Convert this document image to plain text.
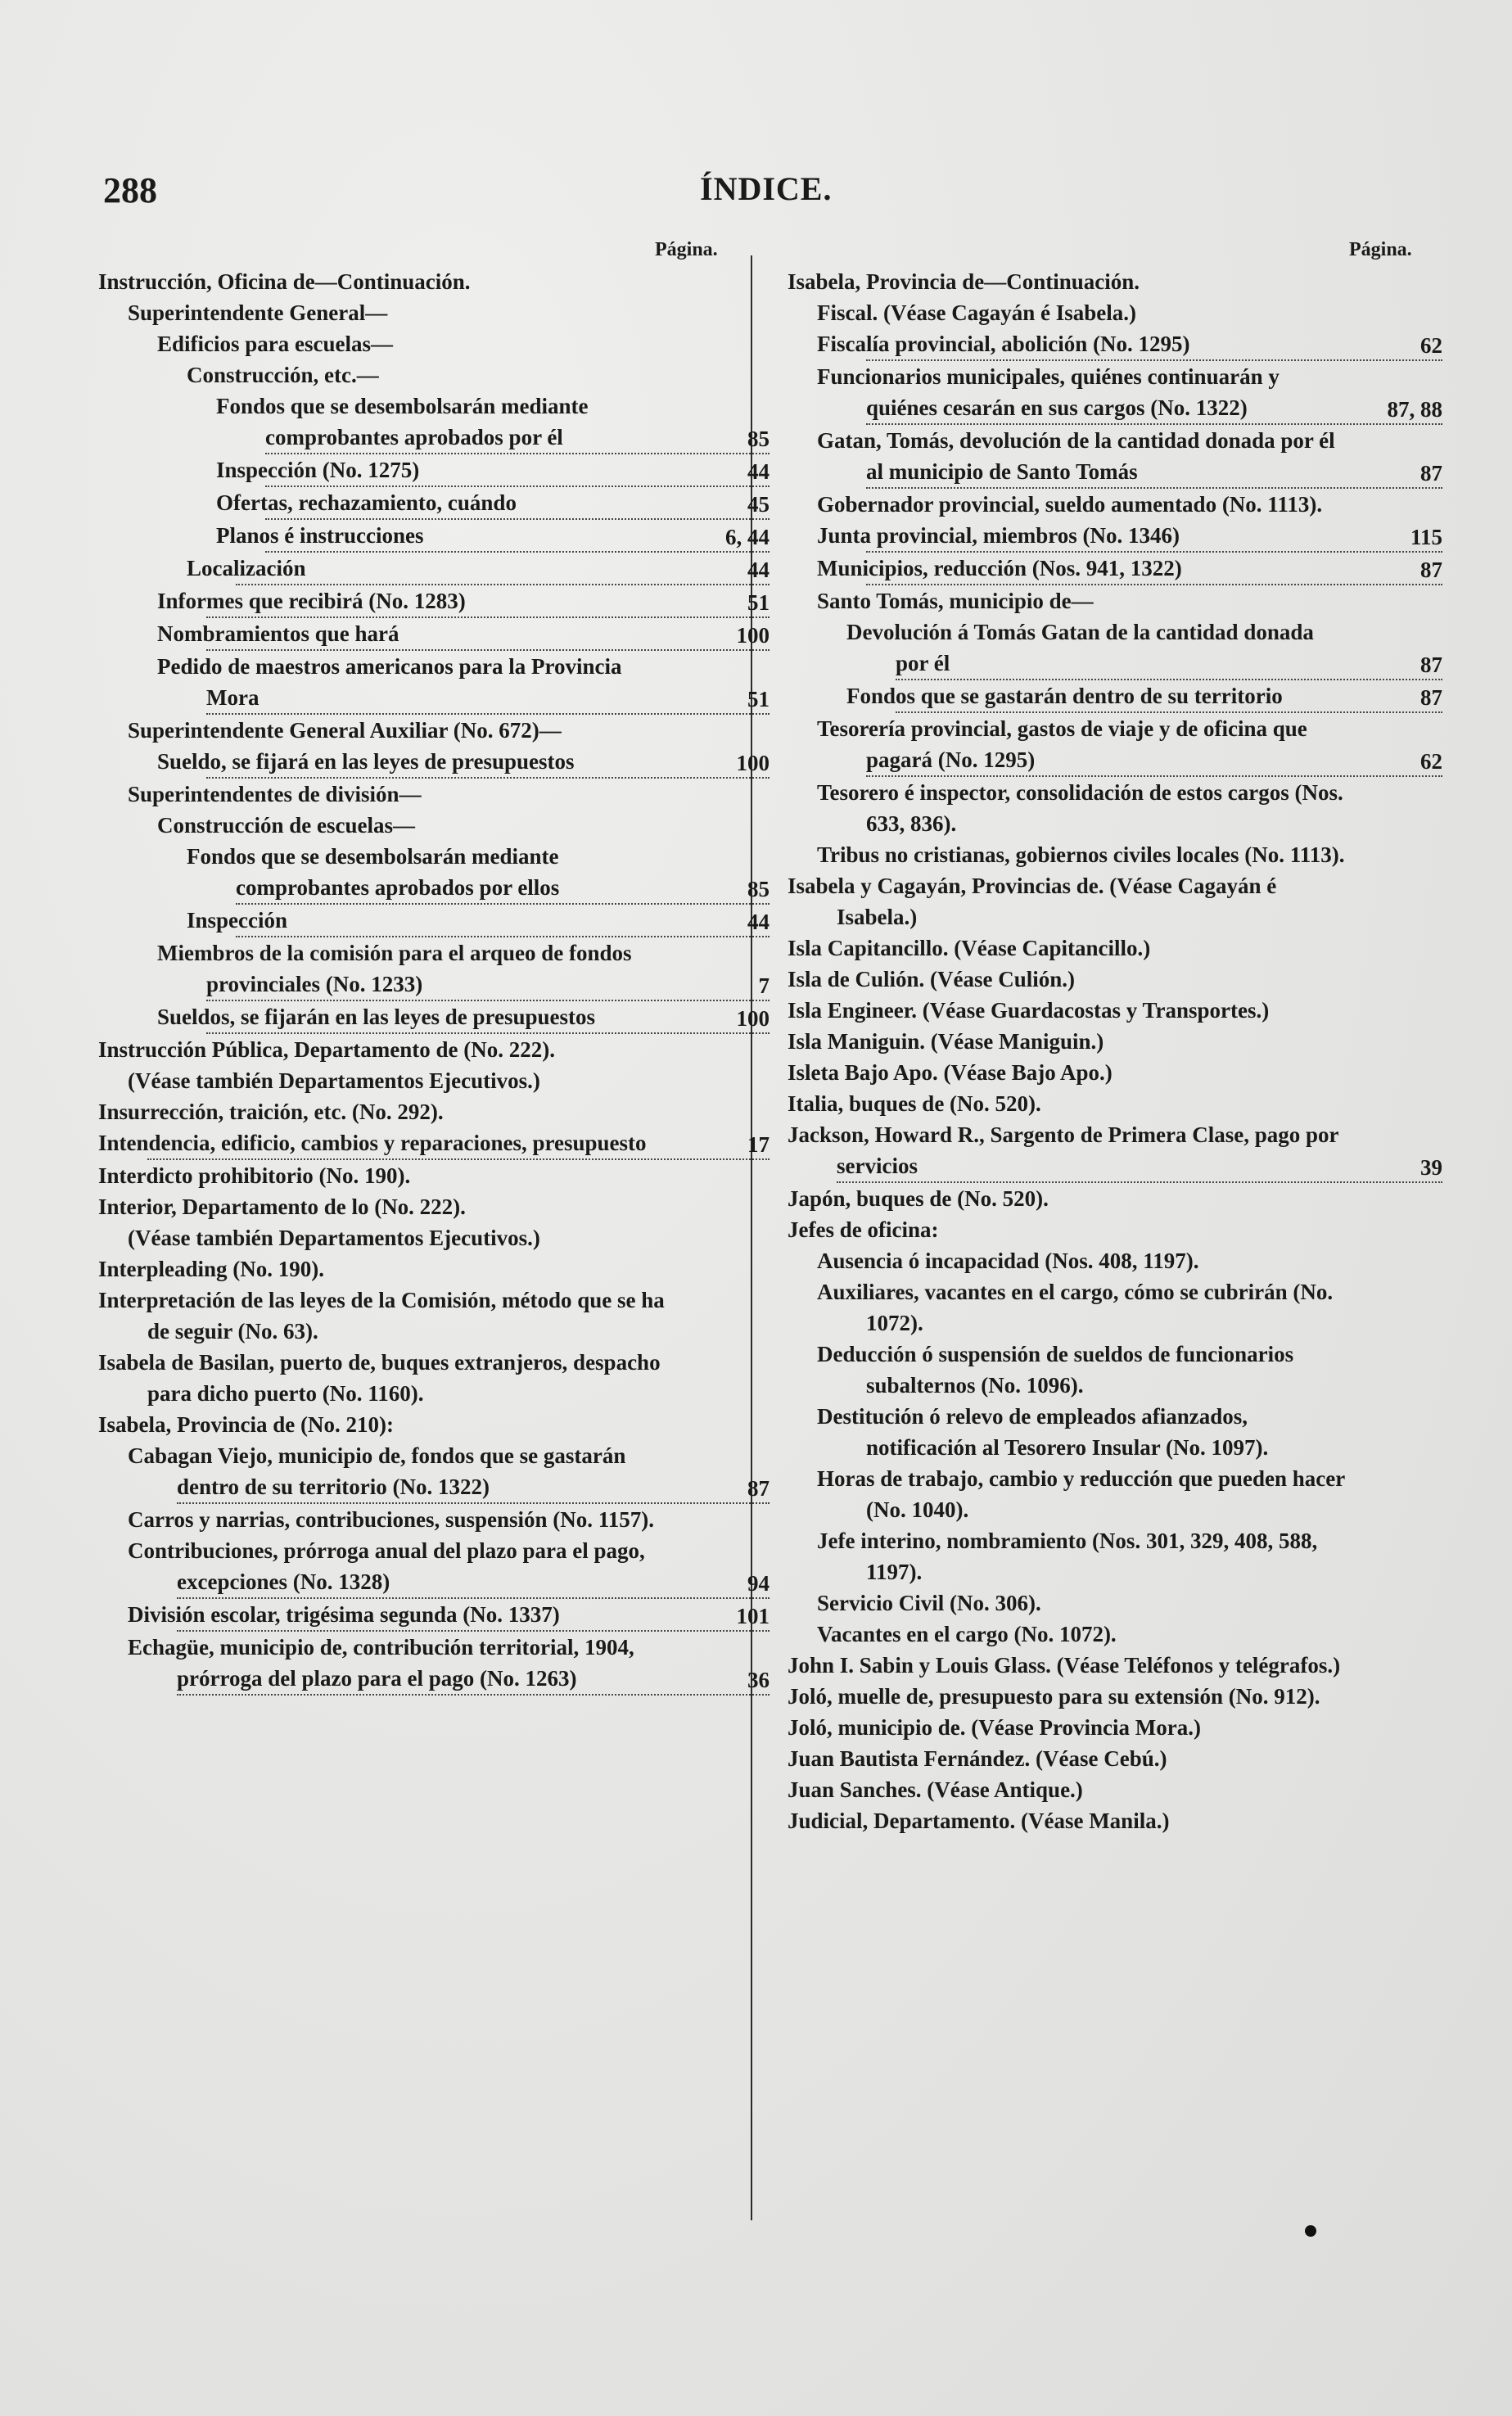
288	ÍNDICE.
Página.	Página.
Instrucción, Oficina de—Continuación.
Superintendente General—
Edificios para escuelas—
Construcción, etc.—
Fondos que se desembolsarán mediante comprobantes aprobados por él	85
Inspección (No. 1275)	44
Ofertas, rechazamiento, cuándo	45
Planos é instrucciones	6, 44
Localización	44
Informes que recibirá (No. 1283)	51
Nombramientos que hará	100
Pedido de maestros americanos para la Provincia Mora	51
Superintendente General Auxiliar (No. 672)—
Sueldo, se fijará en las leyes de presupuestos	100
Superintendentes de división—
Construcción de escuelas—
Fondos que se desembolsarán mediante comprobantes aprobados por ellos	85
Inspección	44
Miembros de la comisión para el arqueo de fondos provinciales (No. 1233)	7
Sueldos, se fijarán en las leyes de presupuestos	100
Instrucción Pública, Departamento de (No. 222).
(Véase también Departamentos Ejecutivos.)
Insurrección, traición, etc. (No. 292).
Intendencia, edificio, cambios y reparaciones, presupuesto	17
Interdicto prohibitorio (No. 190).
Interior, Departamento de lo (No. 222).
(Véase también Departamentos Ejecutivos.)
Interpleading (No. 190).
Interpretación de las leyes de la Comisión, método que se ha de seguir (No. 63).
Isabela de Basilan, puerto de, buques extranjeros, despacho para dicho puerto (No. 1160).
Isabela, Provincia de (No. 210):
Cabagan Viejo, municipio de, fondos que se gastarán dentro de su territorio (No. 1322)	87
Carros y narrias, contribuciones, suspensión (No. 1157).
Contribuciones, prórroga anual del plazo para el pago, excepciones (No. 1328)	94
División escolar, trigésima segunda (No. 1337)	101
Echagüe, municipio de, contribución territorial, 1904, prórroga del plazo para el pago (No. 1263)	36
Isabela, Provincia de—Continuación.
Fiscal. (Véase Cagayán é Isabela.)
Fiscalía provincial, abolición (No. 1295)	62
Funcionarios municipales, quiénes continuarán y quiénes cesarán en sus cargos (No. 1322)	87, 88
Gatan, Tomás, devolución de la cantidad donada por él al municipio de Santo Tomás	87
Gobernador provincial, sueldo aumentado (No. 1113).
Junta provincial, miembros (No. 1346)	115
Municipios, reducción (Nos. 941, 1322)	87
Santo Tomás, municipio de—
Devolución á Tomás Gatan de la cantidad donada por él	87
Fondos que se gastarán dentro de su territorio	87
Tesorería provincial, gastos de viaje y de oficina que pagará (No. 1295)	62
Tesorero é inspector, consolidación de estos cargos (Nos. 633, 836).
Tribus no cristianas, gobiernos civiles locales (No. 1113).
Isabela y Cagayán, Provincias de. (Véase Cagayán é Isabela.)
Isla Capitancillo. (Véase Capitancillo.)
Isla de Culión. (Véase Culión.)
Isla Engineer. (Véase Guardacostas y Transportes.)
Isla Maniguin. (Véase Maniguin.)
Isleta Bajo Apo. (Véase Bajo Apo.)
Italia, buques de (No. 520).
Jackson, Howard R., Sargento de Primera Clase, pago por servicios	39
Japón, buques de (No. 520).
Jefes de oficina:
Ausencia ó incapacidad (Nos. 408, 1197).
Auxiliares, vacantes en el cargo, cómo se cubrirán (No. 1072).
Deducción ó suspensión de sueldos de funcionarios subalternos (No. 1096).
Destitución ó relevo de empleados afianzados, notificación al Tesorero Insular (No. 1097).
Horas de trabajo, cambio y reducción que pueden hacer (No. 1040).
Jefe interino, nombramiento (Nos. 301, 329, 408, 588, 1197).
Servicio Civil (No. 306).
Vacantes en el cargo (No. 1072).
John I. Sabin y Louis Glass. (Véase Teléfonos y telégrafos.)
Joló, muelle de, presupuesto para su extensión (No. 912).
Joló, municipio de. (Véase Provincia Mora.)
Juan Bautista Fernández. (Véase Cebú.)
Juan Sanches. (Véase Antique.)
Judicial, Departamento. (Véase Manila.)
